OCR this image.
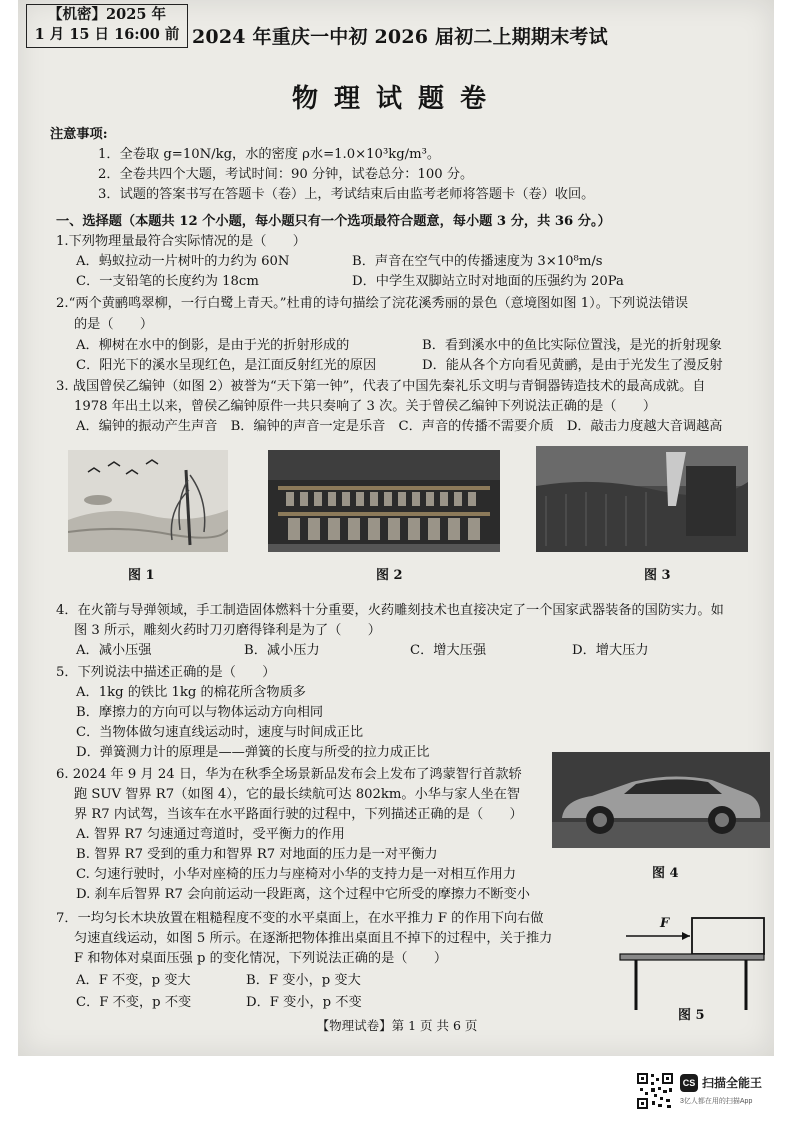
【机密】2025 年
1 月 15 日 16:00 前 2024 年重庆一中初 2026 届初二上期期末考试
物理试题卷
注意事项:
1．全卷取 g=10N/kg，水的密度 ρ水=1.0×10³kg/m³。
2．全卷共四个大题，考试时间：90 分钟，试卷总分：100 分。
3．试题的答案书写在答题卡（卷）上，考试结束后由监考老师将答题卡（卷）收回。
一、选择题（本题共 12 个小题，每小题只有一个选项最符合题意，每小题 3 分，共 36 分。）
1.下列物理量最符合实际情况的是（　　）
A．蚂蚁拉动一片树叶的力约为 60N	B．声音在空气中的传播速度为 3×10⁸m/s
C．一支铅笔的长度约为 18cm	D．中学生双脚站立时对地面的压强约为 20Pa
2.“两个黄鹂鸣翠柳，一行白鹭上青天。”杜甫的诗句描绘了浣花溪秀丽的景色（意境图如图 1）。下列说法错误
的是（　　）
A．柳树在水中的倒影，是由于光的折射形成的	B．看到溪水中的鱼比实际位置浅，是光的折射现象
C．阳光下的溪水呈现红色，是江面反射红光的原因	D．能从各个方向看见黄鹂，是由于光发生了漫反射
3. 战国曾侯乙编钟（如图 2）被誉为“天下第一钟”，代表了中国先秦礼乐文明与青铜器铸造技术的最高成就。自
1978 年出土以来，曾侯乙编钟原件一共只奏响了 3 次。关于曾侯乙编钟下列说法正确的是（　　）
A．编钟的振动产生声音　B．编钟的声音一定是乐音　C．声音的传播不需要介质　D．敲击力度越大音调越高
图 1	图 2	图 3
4．在火箭与导弹领域，手工制造固体燃料十分重要，火药雕刻技术也直接决定了一个国家武器装备的国防实力。如
图 3 所示，雕刻火药时刀刃磨得锋利是为了（　　）
A．减小压强	B．减小压力	C．增大压强	D．增大压力
5．下列说法中描述正确的是（　　）
A．1kg 的铁比 1kg 的棉花所含物质多
B．摩擦力的方向可以与物体运动方向相同
C．当物体做匀速直线运动时，速度与时间成正比
D．弹簧测力计的原理是——弹簧的长度与所受的拉力成正比
6. 2024 年 9 月 24 日，华为在秋季全场景新品发布会上发布了鸿蒙智行首款轿
跑 SUV 智界 R7（如图 4），它的最长续航可达 802km。小华与家人坐在智
界 R7 内试驾，当该车在水平路面行驶的过程中，下列描述正确的是（　　）
A. 智界 R7 匀速通过弯道时，受平衡力的作用
B. 智界 R7 受到的重力和智界 R7 对地面的压力是一对平衡力
C. 匀速行驶时，小华对座椅的压力与座椅对小华的支持力是一对相互作用力
D. 刹车后智界 R7 会向前运动一段距离，这个过程中它所受的摩擦力不断变小
图 4
7．一均匀长木块放置在粗糙程度不变的水平桌面上，在水平推力 F 的作用下向右做
匀速直线运动，如图 5 所示。在逐渐把物体推出桌面且不掉下的过程中，关于推力
F 和物体对桌面压强 p 的变化情况，下列说法正确的是（　　）
A．F 不变，p 变大	B．F 变小，p 变大
C．F 不变，p 不变	D．F 变小，p 不变
F
图 5
【物理试卷】第 1 页 共 6 页
CS 扫描全能王
3亿人都在用的扫描App
